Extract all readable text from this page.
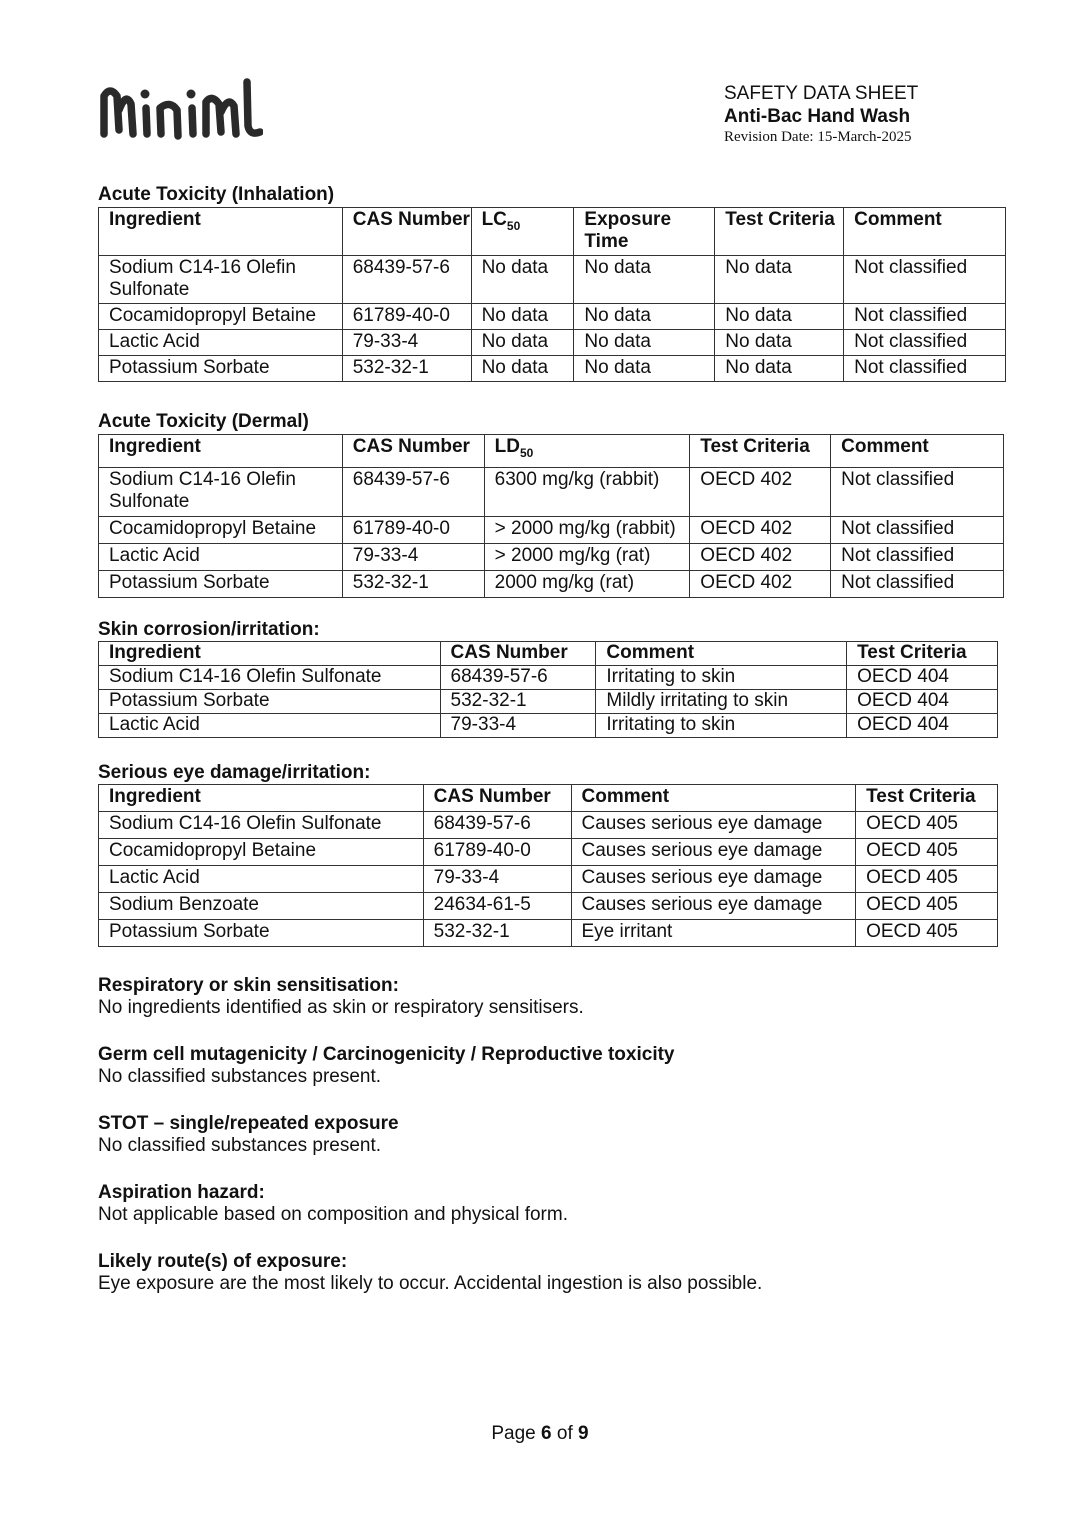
SAFETY DATA SHEET
Anti-Bac Hand Wash
Revision Date: 15-March-2025

Acute Toxicity (Inhalation)

Ingredient	CAS Number	$LC_{50}$	Exposure Time	Test Criteria	Comment
Sodium C14-16 Olefin Sulfonate	68439-57-6	No data	No data	No data	Not classified
Cocamidopropyl Betaine	61789-40-0	No data	No data	No data	Not classified
Lactic Acid	79-33-4	No data	No data	No data	Not classified
Potassium Sorbate	532-32-1	No data	No data	No data	Not classified

Acute Toxicity (Dermal)

Ingredient	CAS Number	$LD_{50}$	Test Criteria	Comment
Sodium C14-16 Olefin Sulfonate	68439-57-6	6300 mg/kg (rabbit)	OECD 402	Not classified
Cocamidopropyl Betaine	61789-40-0	> 2000 mg/kg (rabbit)	OECD 402	Not classified
Lactic Acid	79-33-4	> 2000 mg/kg (rat)	OECD 402	Not classified
Potassium Sorbate	532-32-1	2000 mg/kg (rat)	OECD 402	Not classified

Skin corrosion/irritation:

Ingredient	CAS Number	Comment	Test Criteria
Sodium C14-16 Olefin Sulfonate	68439-57-6	Irritating to skin	OECD 404
Potassium Sorbate	532-32-1	Mildly irritating to skin	OECD 404
Lactic Acid	79-33-4	Irritating to skin	OECD 404

Serious eye damage/irritation:

Ingredient	CAS Number	Comment	Test Criteria
Sodium C14-16 Olefin Sulfonate	68439-57-6	Causes serious eye damage	OECD 405
Cocamidopropyl Betaine	61789-40-0	Causes serious eye damage	OECD 405
Lactic Acid	79-33-4	Causes serious eye damage	OECD 405
Sodium Benzoate	24634-61-5	Causes serious eye damage	OECD 405
Potassium Sorbate	532-32-1	Eye irritant	OECD 405
Respiratory or skin sensitisation:
No ingredients identified as skin or respiratory sensitisers.
Germ cell mutagenicity / Carcinogenicity / Reproductive toxicity
No classified substances present.
STOT – single/repeated exposure
No classified substances present.
Aspiration hazard:
Not applicable based on composition and physical form.
Likely route(s) of exposure:
Eye exposure are the most likely to occur. Accidental ingestion is also possible.
Page 6 of 9
